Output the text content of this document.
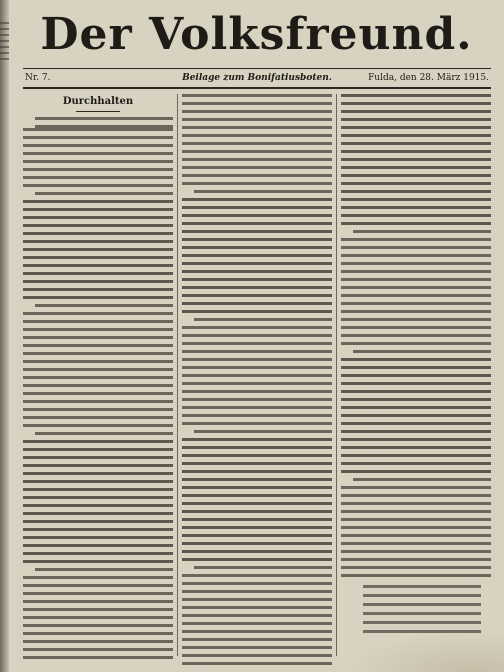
Der Volksfreund.
Nr. 7.	Beilage zum Bonifatiusboten.	Fulda, den 28. März 1915.
Durchhalten
